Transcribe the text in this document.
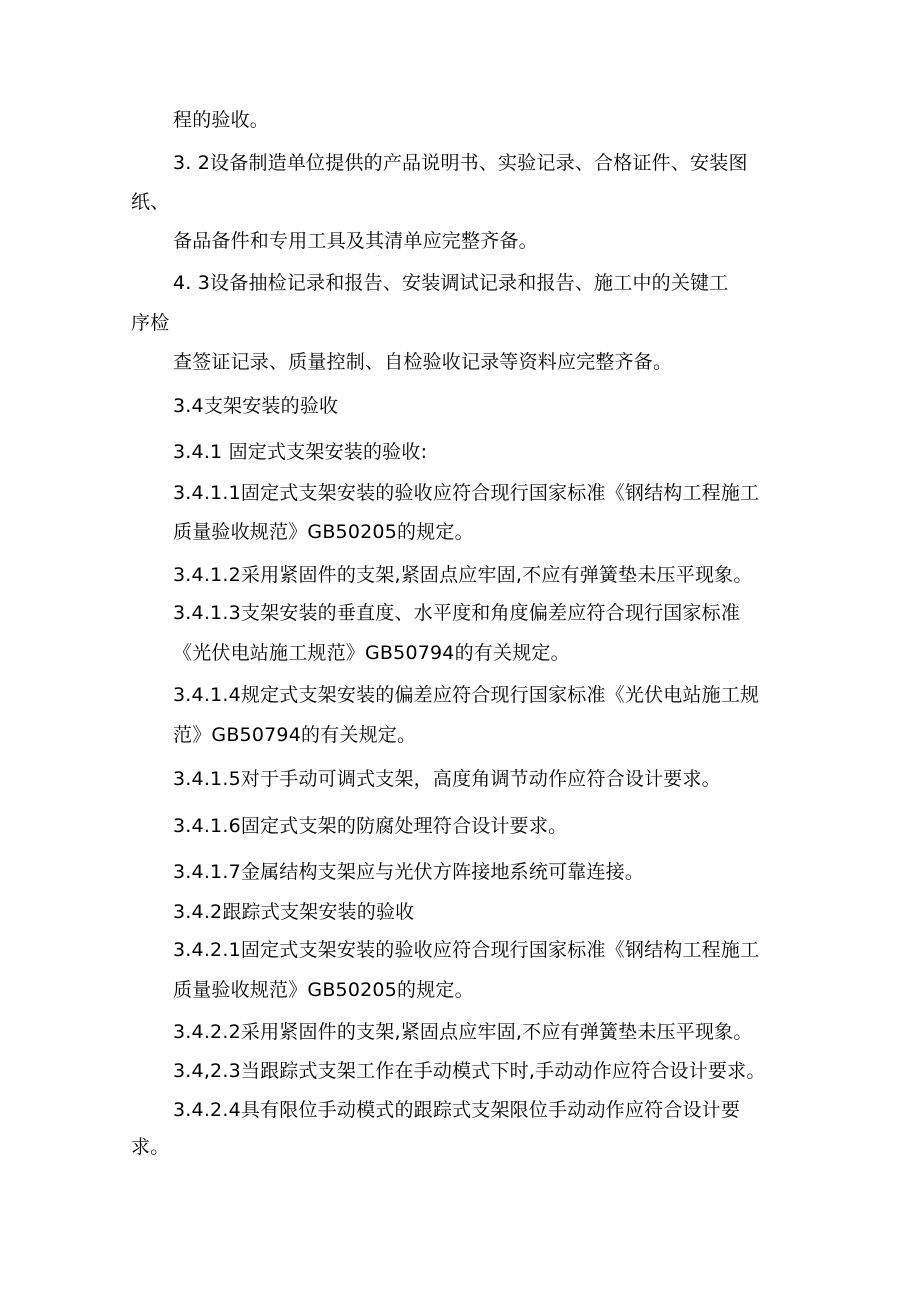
程的验收。
3. 2设备制造单位提供的产品说明书、实验记录、合格证件、安装图
纸、
备品备件和专用工具及其清单应完整齐备。
4. 3设备抽检记录和报告、安装调试记录和报告、施工中的关键工
序检
查签证记录、质量控制、自检验收记录等资料应完整齐备。
3.4支架安装的验收
3.4.1 固定式支架安装的验收:
3.4.1.1固定式支架安装的验收应符合现行国家标准《钢结构工程施工
质量验收规范》GB50205的规定。
3.4.1.2采用紧固件的支架,紧固点应牢固,不应有弹簧垫未压平现象。
3.4.1.3支架安装的垂直度、水平度和角度偏差应符合现行国家标准
《光伏电站施工规范》GB50794的有关规定。
3.4.1.4规定式支架安装的偏差应符合现行国家标准《光伏电站施工规
范》GB50794的有关规定。
3.4.1.5对于手动可调式支架，高度角调节动作应符合设计要求。
3.4.1.6固定式支架的防腐处理符合设计要求。
3.4.1.7金属结构支架应与光伏方阵接地系统可靠连接。
3.4.2跟踪式支架安装的验收
3.4.2.1固定式支架安装的验收应符合现行国家标准《钢结构工程施工
质量验收规范》GB50205的规定。
3.4.2.2采用紧固件的支架,紧固点应牢固,不应有弹簧垫未压平现象。
3.4,2.3当跟踪式支架工作在手动模式下时,手动动作应符合设计要求。
3.4.2.4具有限位手动模式的跟踪式支架限位手动动作应符合设计要
求。
